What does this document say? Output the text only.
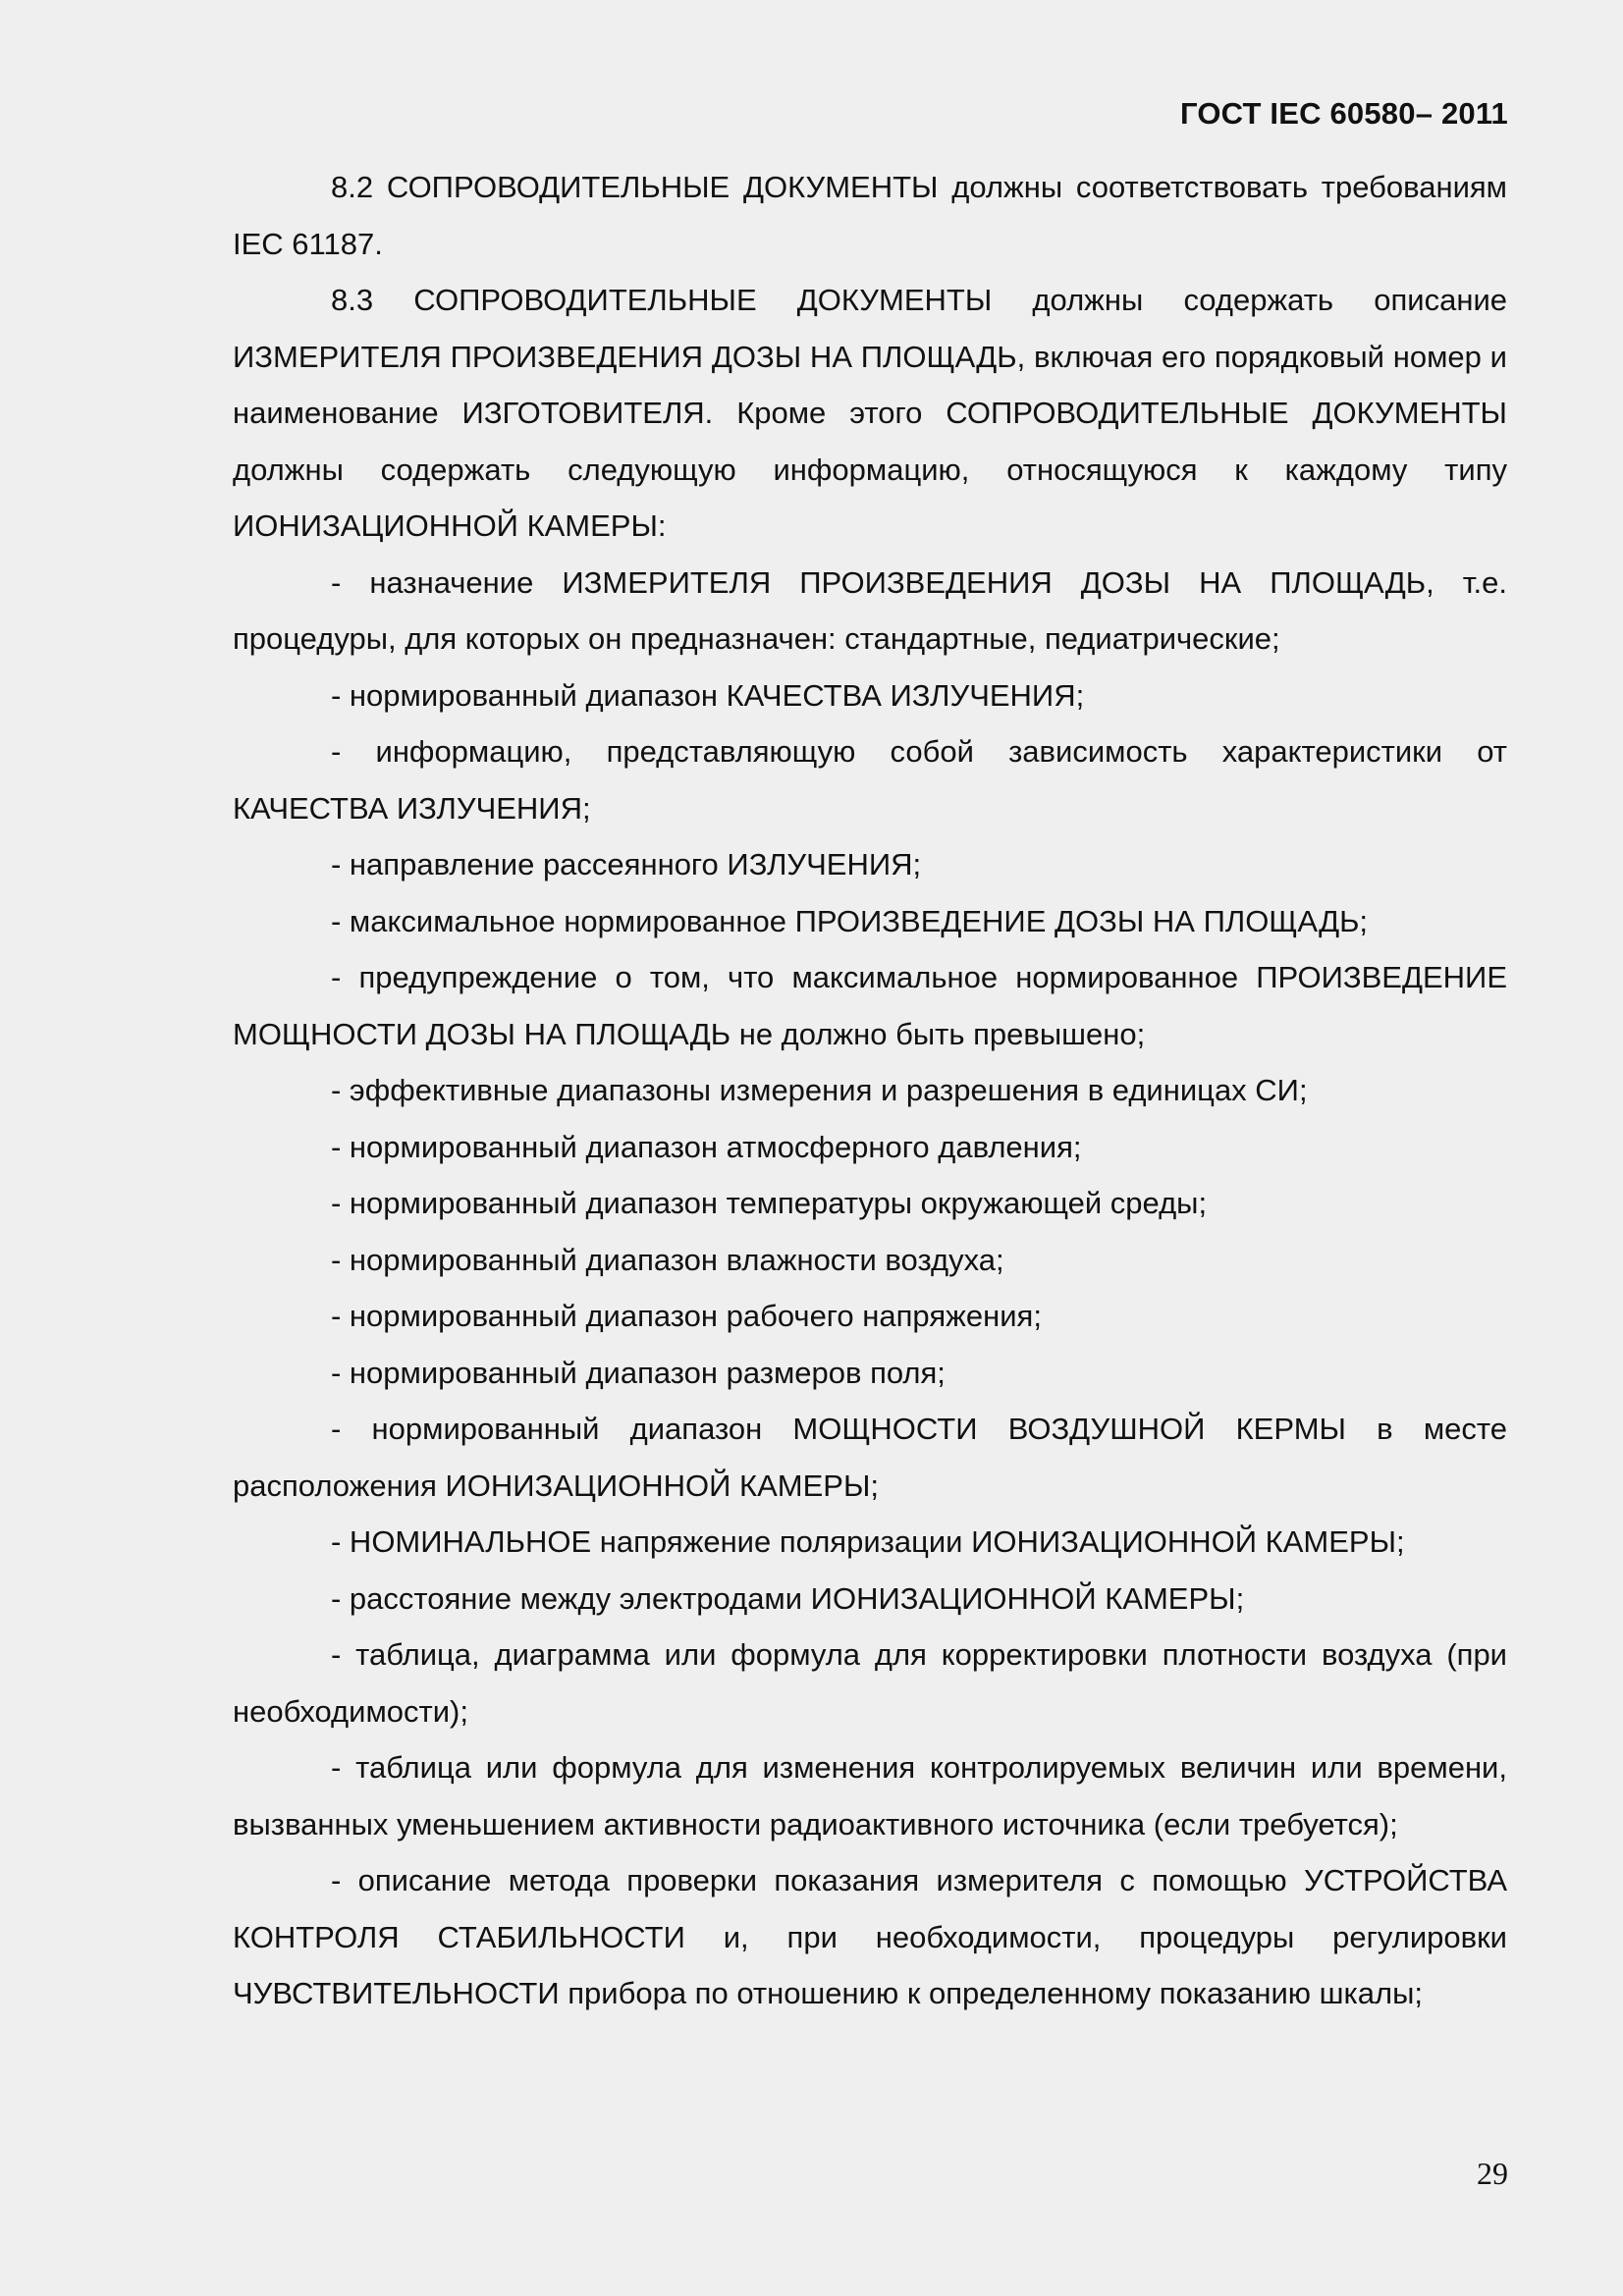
ГОСТ IEC 60580– 2011

8.2 СОПРОВОДИТЕЛЬНЫЕ ДОКУМЕНТЫ должны соответствовать требованиям IEC 61187.

8.3 СОПРОВОДИТЕЛЬНЫЕ ДОКУМЕНТЫ должны содержать описание ИЗМЕРИТЕЛЯ ПРОИЗВЕДЕНИЯ ДОЗЫ НА ПЛОЩАДЬ, включая его порядковый номер и наименование ИЗГОТОВИТЕЛЯ. Кроме этого СОПРОВОДИТЕЛЬНЫЕ ДОКУМЕНТЫ должны содержать следующую информацию, относящуюся к каждому типу ИОНИЗАЦИОННОЙ КАМЕРЫ:

- назначение ИЗМЕРИТЕЛЯ ПРОИЗВЕДЕНИЯ ДОЗЫ НА ПЛОЩАДЬ, т.е. процедуры, для которых он предназначен: стандартные, педиатрические;

- нормированный диапазон КАЧЕСТВА ИЗЛУЧЕНИЯ;

- информацию, представляющую собой зависимость характеристики от КАЧЕСТВА ИЗЛУЧЕНИЯ;

- направление рассеянного ИЗЛУЧЕНИЯ;

- максимальное нормированное ПРОИЗВЕДЕНИЕ ДОЗЫ НА ПЛОЩАДЬ;

- предупреждение о том, что максимальное нормированное ПРОИЗВЕДЕНИЕ МОЩНОСТИ ДОЗЫ НА ПЛОЩАДЬ не должно быть превышено;

- эффективные диапазоны измерения и разрешения в единицах СИ;

- нормированный диапазон атмосферного давления;

- нормированный диапазон температуры окружающей среды;

- нормированный диапазон влажности воздуха;

- нормированный диапазон рабочего напряжения;

- нормированный диапазон размеров поля;

- нормированный диапазон МОЩНОСТИ ВОЗДУШНОЙ КЕРМЫ в месте расположения ИОНИЗАЦИОННОЙ КАМЕРЫ;

- НОМИНАЛЬНОЕ напряжение поляризации ИОНИЗАЦИОННОЙ КАМЕРЫ;

- расстояние между электродами ИОНИЗАЦИОННОЙ КАМЕРЫ;

- таблица, диаграмма или формула для корректировки плотности воздуха (при необходимости);

- таблица или формула для изменения контролируемых величин или времени, вызванных уменьшением активности радиоактивного источника (если требуется);

- описание метода проверки показания измерителя с помощью УСТРОЙСТВА КОНТРОЛЯ СТАБИЛЬНОСТИ и, при необходимости, процедуры регулировки ЧУВСТВИТЕЛЬНОСТИ прибора по отношению к определенному показанию шкалы;

29
